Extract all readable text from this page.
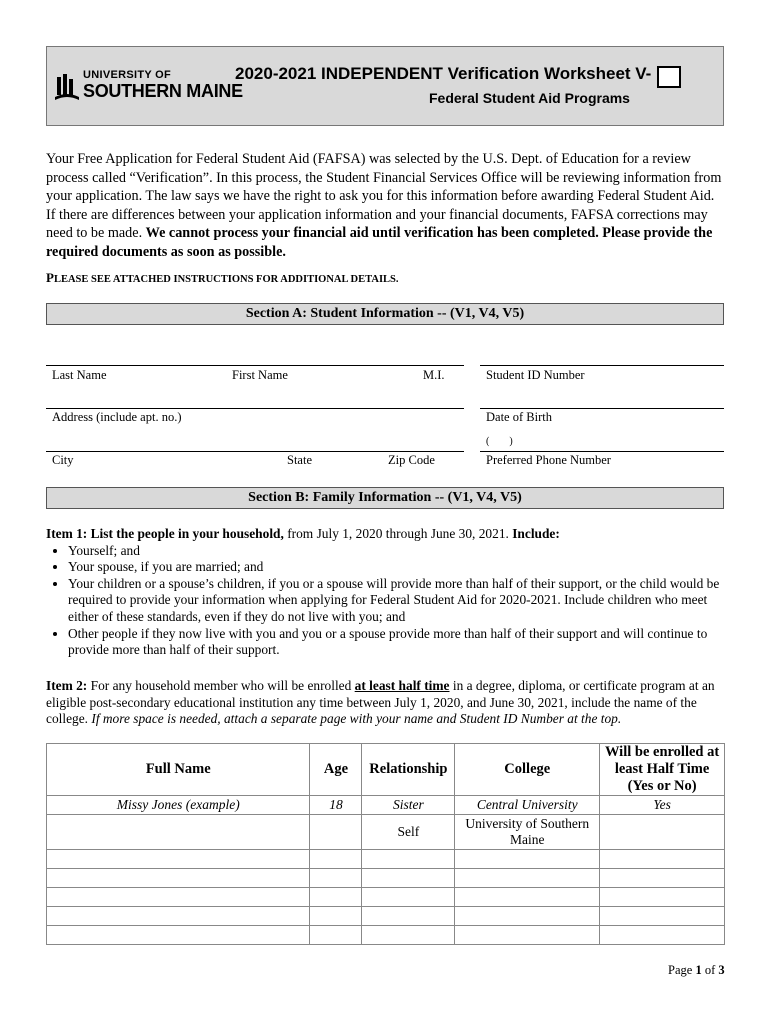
UNIVERSITY OF
SOUTHERN MAINE
2020-2021 INDEPENDENT Verification Worksheet V-
Federal Student Aid Programs
Your Free Application for Federal Student Aid (FAFSA) was selected by the U.S. Dept. of Education for a review process called “Verification”. In this process, the Student Financial Services Office will be reviewing information from your application. The law says we have the right to ask you for this information before awarding Federal Student Aid. If there are differences between your application information and your financial documents, FAFSA corrections may need to be made. We cannot process your financial aid until verification has been completed. Please provide the required documents as soon as possible.
PLEASE SEE ATTACHED INSTRUCTIONS FOR ADDITIONAL DETAILS.
Section A: Student Information -- (V1, V4, V5)
Last Name	First Name	M.I.	Student ID Number
Address (include apt. no.)	Date of Birth
(        )
City	State	Zip Code	Preferred Phone Number
Section B: Family Information -- (V1, V4, V5)
Item 1: List the people in your household, from July 1, 2020 through June 30, 2021. Include:
• Yourself; and
• Your spouse, if you are married; and
• Your children or a spouse’s children, if you or a spouse will provide more than half of their support, or the child would be required to provide your information when applying for Federal Student Aid for 2020-2021. Include children who meet either of these standards, even if they do not live with you; and
• Other people if they now live with you and you or a spouse provide more than half of their support and will continue to provide more than half of their support.
Item 2: For any household member who will be enrolled at least half time in a degree, diploma, or certificate program at an eligible post-secondary educational institution any time between July 1, 2020, and June 30, 2021, include the name of the college. If more space is needed, attach a separate page with your name and Student ID Number at the top.
Full Name	Age	Relationship	College	Will be enrolled at least Half Time (Yes or No)
Missy Jones (example)	18	Sister	Central University	Yes
		Self	University of Southern Maine	

Page 1 of 3
